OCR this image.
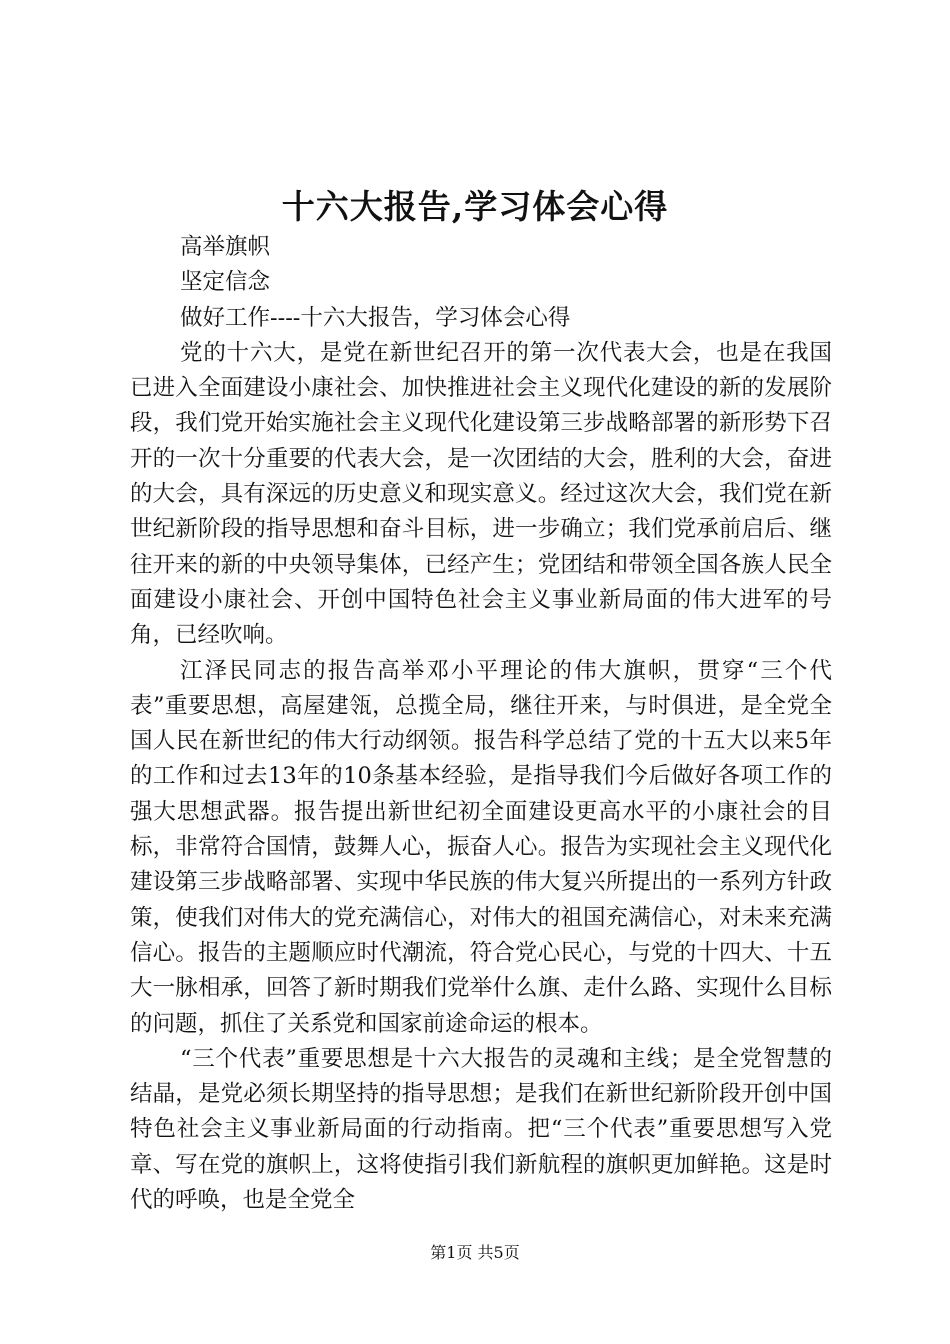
十六大报告,学习体会心得

高举旗帜

坚定信念

做好工作----十六大报告，学习体会心得

党的十六大，是党在新世纪召开的第一次代表大会，也是在我国已进入全面建设小康社会、加快推进社会主义现代化建设的新的发展阶段，我们党开始实施社会主义现代化建设第三步战略部署的新形势下召开的一次十分重要的代表大会，是一次团结的大会，胜利的大会，奋进的大会，具有深远的历史意义和现实意义。经过这次大会，我们党在新世纪新阶段的指导思想和奋斗目标，进一步确立；我们党承前启后、继往开来的新的中央领导集体，已经产生；党团结和带领全国各族人民全面建设小康社会、开创中国特色社会主义事业新局面的伟大进军的号角，已经吹响。

江泽民同志的报告高举邓小平理论的伟大旗帜，贯穿“三个代表”重要思想，高屋建瓴，总揽全局，继往开来，与时俱进，是全党全国人民在新世纪的伟大行动纲领。报告科学总结了党的十五大以来5年的工作和过去13年的10条基本经验，是指导我们今后做好各项工作的强大思想武器。报告提出新世纪初全面建设更高水平的小康社会的目标，非常符合国情，鼓舞人心，振奋人心。报告为实现社会主义现代化建设第三步战略部署、实现中华民族的伟大复兴所提出的一系列方针政策，使我们对伟大的党充满信心，对伟大的祖国充满信心，对未来充满信心。报告的主题顺应时代潮流，符合党心民心，与党的十四大、十五大一脉相承，回答了新时期我们党举什么旗、走什么路、实现什么目标的问题，抓住了关系党和国家前途命运的根本。

“三个代表”重要思想是十六大报告的灵魂和主线；是全党智慧的结晶，是党必须长期坚持的指导思想；是我们在新世纪新阶段开创中国特色社会主义事业新局面的行动指南。把“三个代表”重要思想写入党章、写在党的旗帜上，这将使指引我们新航程的旗帜更加鲜艳。这是时代的呼唤，也是全党全

第1页 共5页
